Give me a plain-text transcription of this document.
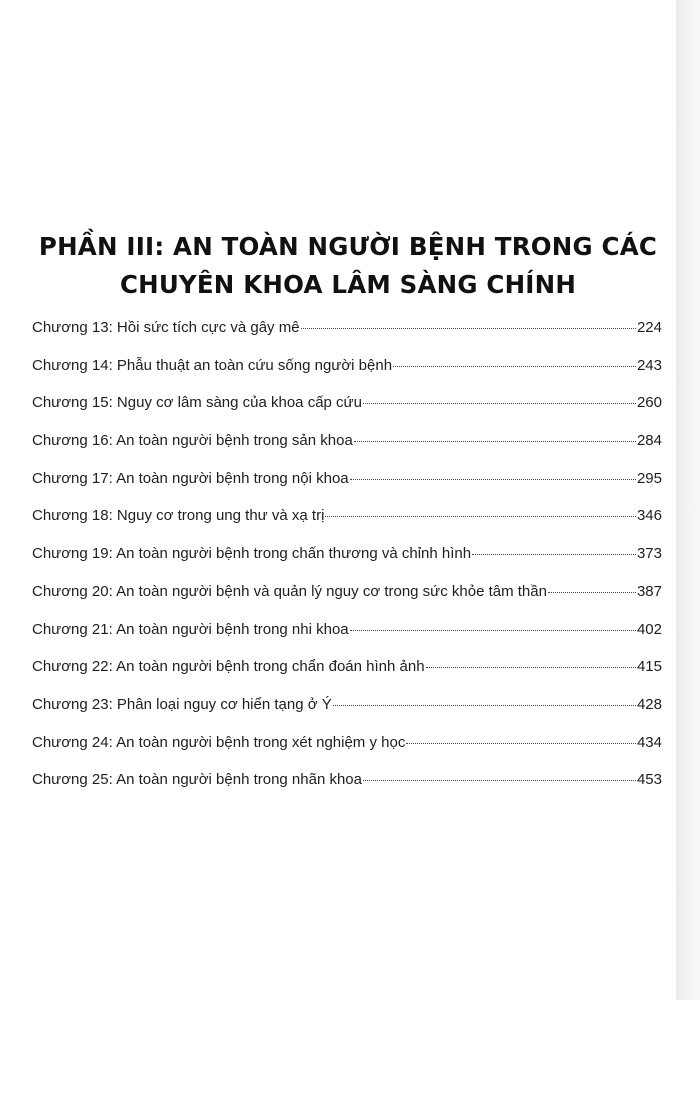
PHẦN III: AN TOÀN NGƯỜI BỆNH TRONG CÁC
CHUYÊN KHOA LÂM SÀNG CHÍNH
Chương 13: Hồi sức tích cực và gây mê	224
Chương 14: Phẫu thuật an toàn cứu sống người bệnh	243
Chương 15: Nguy cơ lâm sàng của khoa cấp cứu	260
Chương 16: An toàn người bệnh trong sản khoa	284
Chương 17: An toàn người bệnh trong nội khoa	295
Chương 18: Nguy cơ trong ung thư và xạ trị	346
Chương 19: An toàn người bệnh trong chấn thương và chỉnh hình	373
Chương 20: An toàn người bệnh và quản lý nguy cơ trong sức khỏe tâm thần	387
Chương 21: An toàn người bệnh trong nhi khoa	402
Chương 22: An toàn người bệnh trong chẩn đoán hình ảnh	415
Chương 23: Phân loại nguy cơ hiển tạng ở Ý	428
Chương 24: An toàn người bệnh trong xét nghiệm y học	434
Chương 25: An toàn người bệnh trong nhãn khoa	453
